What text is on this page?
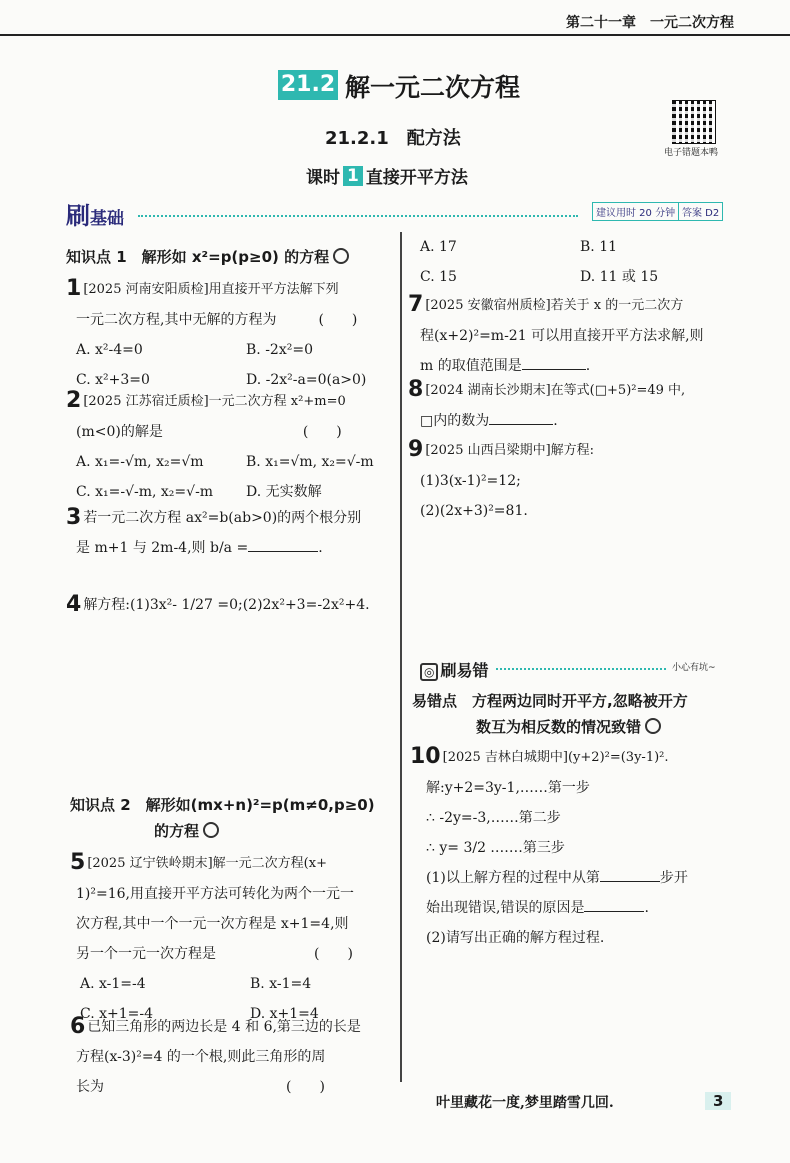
第二十一章　一元二次方程
21.2 解一元二次方程
电子错题本鸭
21.2.1　配方法
课时 1 直接开平方法
刷基础	建议用时 20 分钟 答案 D2
知识点 1　解形如 x²=p(p≥0) 的方程
1 [2025 河南安阳质检]用直接开平方法解下列
一元二次方程,其中无解的方程为　　　(　　)
A. x²-4=0	B. -2x²=0
C. x²+3=0	D. -2x²-a=0(a>0)
2 [2025 江苏宿迁质检]一元二次方程 x²+m=0
(m<0)的解是　　　　　　　　　　(　　)
A. x₁=-√m, x₂=√m	B. x₁=√m, x₂=√-m
C. x₁=-√-m, x₂=√-m	D. 无实数解
3 若一元二次方程 ax²=b(ab>0)的两个根分别
是 m+1 与 2m-4,则 b/a =	.
4 解方程:(1)3x²- 1/27 =0;(2)2x²+3=-2x²+4.
知识点 2　解形如(mx+n)²=p(m≠0,p≥0)
的方程
5 [2025 辽宁铁岭期末]解一元二次方程(x+
1)²=16,用直接开平方法可转化为两个一元一
次方程,其中一个一元一次方程是 x+1=4,则
另一个一元一次方程是　　　　　　　(　　)
A. x-1=-4	B. x-1=4
C. x+1=-4	D. x+1=4
6 已知三角形的两边长是 4 和 6,第三边的长是
方程(x-3)²=4 的一个根,则此三角形的周
长为　　　　　　　　　　　　　(　　)
A. 17	B. 11
C. 15	D. 11 或 15
7 [2025 安徽宿州质检]若关于 x 的一元二次方
程(x+2)²=m-21 可以用直接开平方法求解,则
m 的取值范围是	.
8 [2024 湖南长沙期末]在等式(□+5)²=49 中,
□内的数为	.
9 [2025 山西吕梁期中]解方程:
(1)3(x-1)²=12;
(2)(2x+3)²=81.
◎ 刷易错	小心有坑~
易错点　方程两边同时开平方,忽略被开方
数互为相反数的情况致错
10 [2025 吉林白城期中](y+2)²=(3y-1)².
解:y+2=3y-1,……第一步
∴ -2y=-3,……第二步
∴ y= 3/2 .……第三步
(1)以上解方程的过程中从第	步开
始出现错误,错误的原因是	.
(2)请写出正确的解方程过程.
叶里藏花一度,梦里踏雪几回.	3
